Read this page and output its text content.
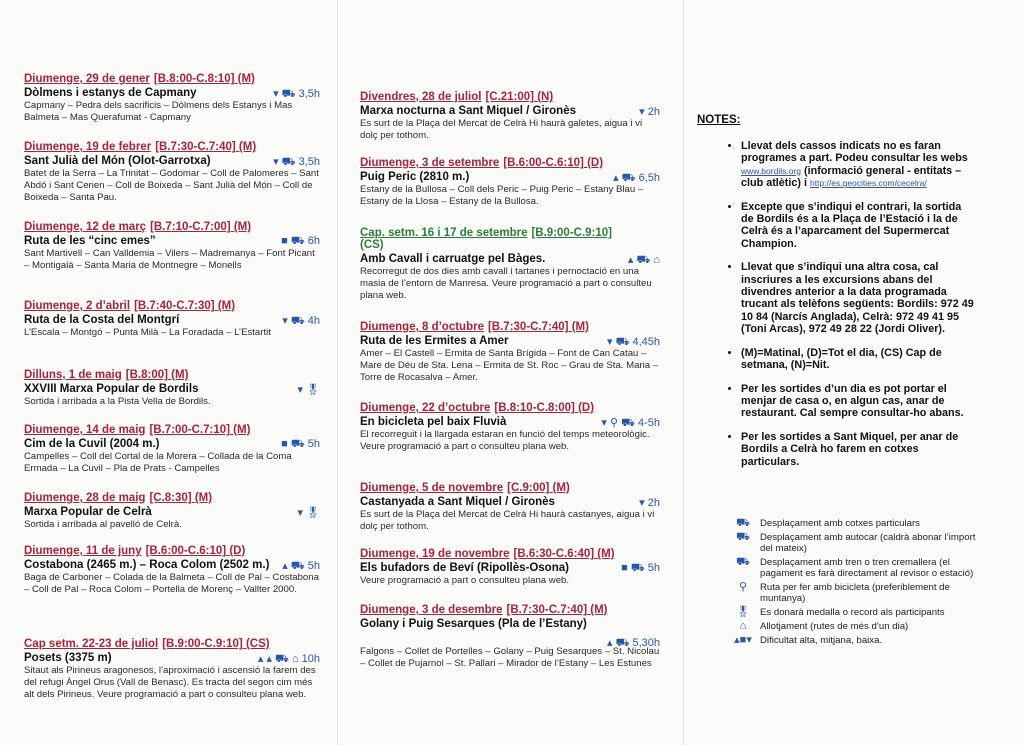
Diumenge, 29 de gener [B.8:00-C.8:10] (M)
Dòlmens i estanys de Capmany	▾ ⛟ 3,5h
Capmany – Pedra dels sacrificis – Dòlmens dels Estanys i Mas Balmeta – Mas Querafumat - Capmany
Diumenge, 19 de febrer [B.7:30-C.7:40] (M)
Sant Julià del Món (Olot-Garrotxa)	▾ ⛟ 3,5h
Batet de la Serra – La Trinitat – Godomar – Coll de Palomeres – Sant Abdó i Sant Cenen – Coll de Boixeda – Sant Julià del Món – Coll de Boixeda – Santa Pau.
Diumenge, 12 de març [B.7:10-C.7:00] (M)
Ruta de les “cinc emes”	■ ⛟ 6h
Sant Martivell – Can Valldemia – Vilers – Madremanya – Font Picant – Montigalà – Santa Maria de Montnegre – Monells
Diumenge, 2 d’abril [B.7:40-C.7:30] (M)
Ruta de la Costa del Montgrí	▾ ⛟ 4h
L’Escala – Montgó – Punta Milà – La Foradada – L’Estartit
Dilluns, 1 de maig [B.8:00] (M)
XXVIII Marxa Popular de Bordils	▾ 🎖
Sortida i arribada a la Pista Vella de Bordils.
Diumenge, 14 de maig [B.7:00-C.7:10] (M)
Cim de la Cuvil (2004 m.)	■ ⛟ 5h
Campelles – Coll del Cortal de la Morera – Collada de la Coma Ermada – La Cuvil – Pla de Prats - Campelles
Diumenge, 28 de maig [C.8:30] (M)
Marxa Popular de Celrà	▾ 🎖
Sortida i arribada al pavelló de Celrà.
Diumenge, 11 de juny [B.6:00-C.6:10] (D)
Costabona (2465 m.) – Roca Colom (2502 m.) ▴ ⛟ 5h
Baga de Carboner – Colada de la Balmeta – Coll de Pal – Costabona – Coll de Pal – Roca Colom – Portella de Morenç – Vallter 2000.
Cap setm. 22-23 de juliol [B.9:00-C.9:10] (CS)
Posets (3375 m)	▴ ▴ ⛟ ⌂ 10h
Sitaut als Pirineus aragonesos, l’aproximació i ascensió la farem des del refugi Àngel Orus (Vall de Benasc). Es tracta del segon cim més alt dels Pirineus. Veure programació a part o consulteu plana web.
Divendres, 28 de juliol [C.21:00] (N)
Marxa nocturna a Sant Miquel / Gironès	▾ 2h
Es surt de la Plaça del Mercat de Celrà Hi haurà galetes, aigua i vi dolç per tothom.
Diumenge, 3 de setembre [B.6:00-C.6:10] (D)
Puig Peric (2810 m.)	▴ ⛟ 6,5h
Estany de la Bullosa – Coll dels Peric – Puig Peric – Estany Blau – Estany de la Llosa – Estany de la Bullosa.
Cap. setm. 16 i 17 de setembre [B.9:00-C.9:10]
(CS)
Amb Cavall i carruatge pel Bàges.	▴ ⛟ ⌂
Recorregut de dos dies amb cavall i tartanes i pernoctació en una masia de l’entorn de Manresa. Veure programació a part o consulteu plana web.
Diumenge, 8 d’octubre [B.7:30-C.7:40] (M)
Ruta de les Ermites a Amer	▾ ⛟ 4,45h
Amer – El Castell – Ermita de Santa Brígida – Font de Can Catau – Mare de Déu de Sta. Lena – Ermita de St. Roc – Grau de Sta. Maria – Torre de Rocasalva – Amer.
Diumenge, 22 d’octubre [B.8:10-C.8:00] (D)
En bicicleta pel baix Fluvià	▾ ⚲ ⛟ 4-5h
El recorreguit i la llargada estaran en funció del temps meteorològic. Veure programació a part o consulteu plana web.
Diumenge, 5 de novembre [C.9:00] (M)
Castanyada a Sant Miquel / Gironès	▾ 2h
Es surt de la Plaça del Mercat de Celrà Hi haurà castanyes, aigua i vi dolç per tothom.
Diumenge, 19 de novembre [B.6:30-C.6:40] (M)
Els bufadors de Beví (Ripollès-Osona)	■ ⛟ 5h
Veure programació a part o consulteu plana web.
Diumenge, 3 de desembre [B.7:30-C.7:40] (M)
Golany i Puig Sesarques (Pla de l’Estany)
▴ ⛟ 5,30h
Falgons – Collet de Portelles – Golany – Puig Sesarques – St. Nicolau – Collet de Pujarnol – St. Pallari – Mirador de l’Estany – Les Estunes
NOTES:
• Llevat dels cassos indicats no es faran programes a part. Podeu consultar les webs www.bordils.org (informació general - entitats – club atlètic) i http://es.geocities.com/cecelra/
• Excepte que s’indiqui el contrari, la sortida de Bordils és a la Plaça de l’Estació i la de Celrà és a l’aparcament del Supermercat Champion.
• Llevat que s’indiqui una altra cosa, cal inscriures a les excursions abans del divendres anterior a la data programada trucant als telèfons següents: Bordils: 972 49 10 84 (Narcís Anglada), Celrà: 972 49 41 95 (Toni Arcas), 972 49 28 22 (Jordi Oliver).
• (M)=Matinal, (D)=Tot el dia, (CS) Cap de setmana, (N)=Nit.
• Per les sortides d’un dia es pot portar el menjar de casa o, en algun cas, anar de restaurant. Cal sempre consultar-ho abans.
• Per les sortides a Sant Miquel, per anar de Bordils a Celrà ho farem en cotxes particulars.
⛟	Desplaçament amb cotxes particulars
⛟	Desplaçament amb autocar (caldrà abonar l’import del mateix)
⛟	Desplaçament amb tren o tren cremallera (el pagament es farà directament al revisor o estació)
⚲	Ruta per fer amb bicicleta (preferiblement de muntanya)
🎖	Es donarà medalla o record als participants
⌂	Allotjament (rutes de més d’un dia)
▴■▾ Dificultat alta, mitjana, baixa.
